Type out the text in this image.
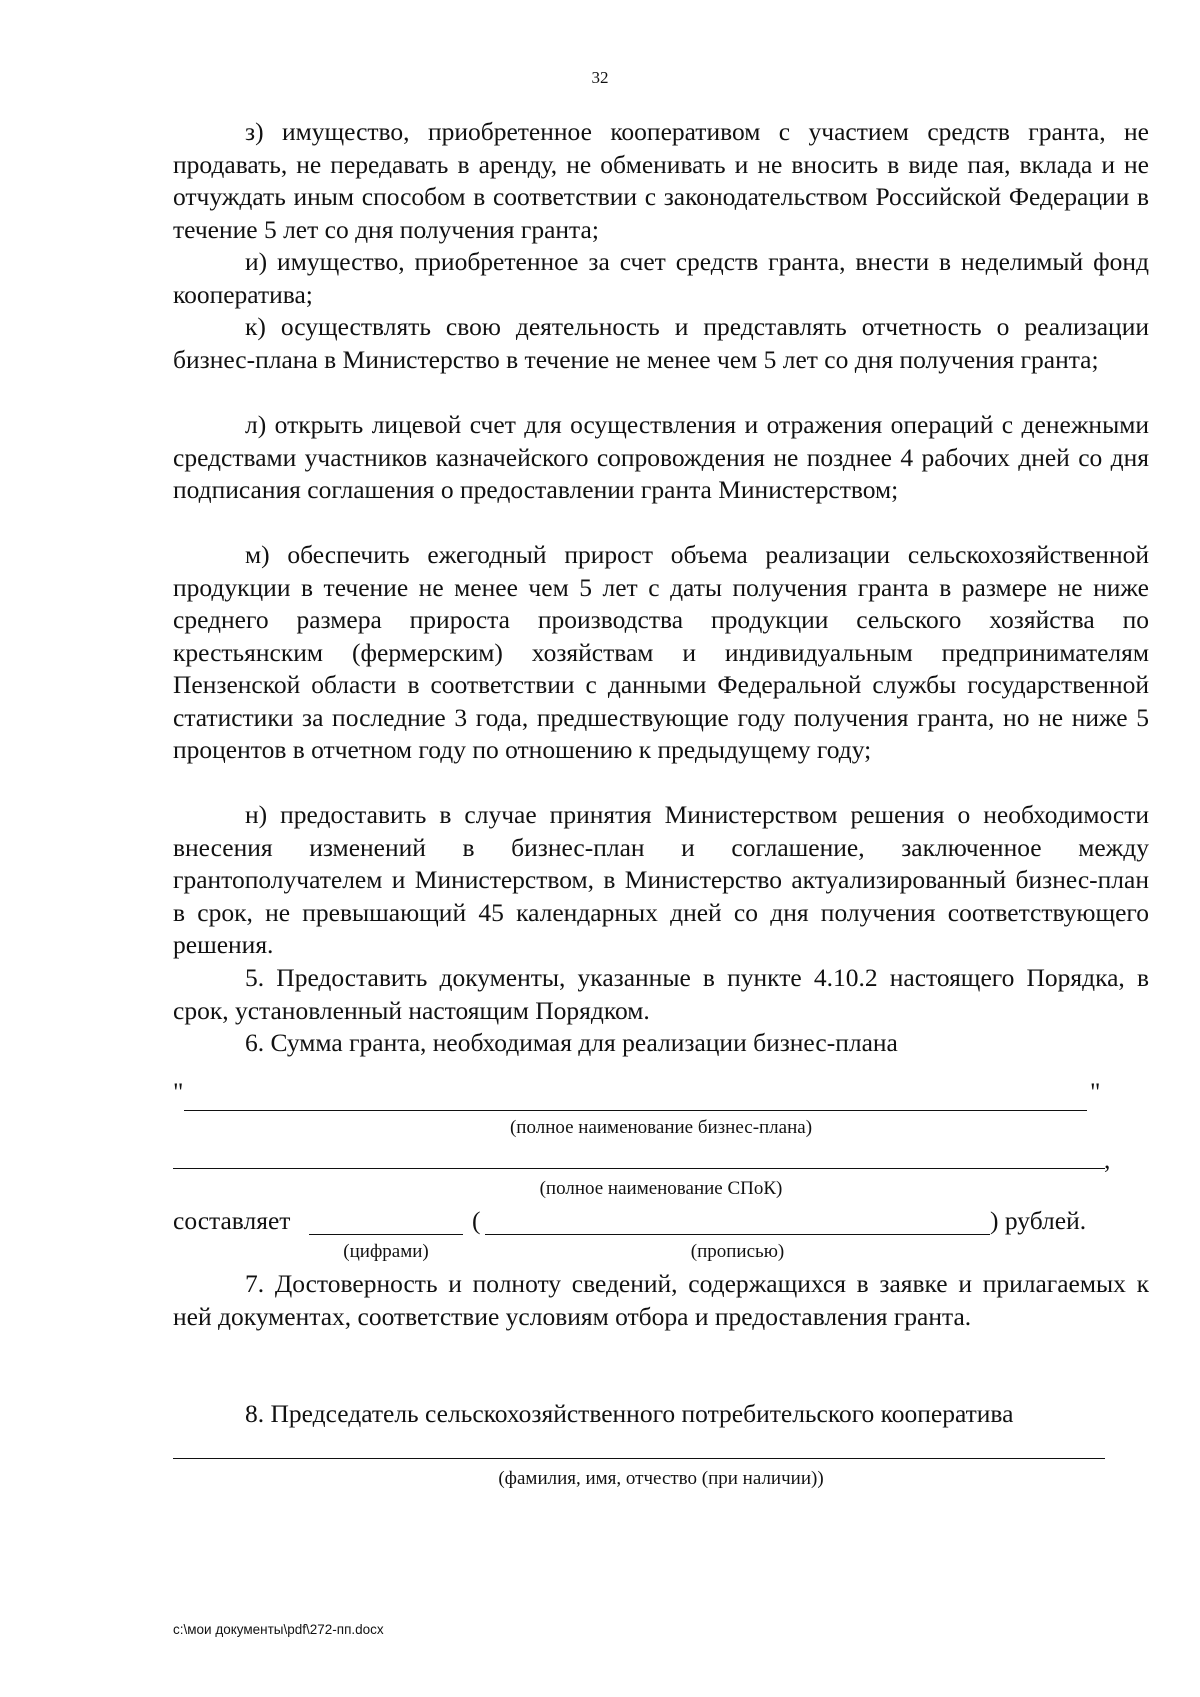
32
з) имущество, приобретенное кооперативом с участием средств гранта, не продавать, не передавать в аренду, не обменивать и не вносить в виде пая, вклада и не отчуждать иным способом в соответствии с законодательством Российской Федерации в течение 5 лет со дня получения гранта;
и) имущество, приобретенное за счет средств гранта, внести в неделимый фонд кооператива;
к) осуществлять свою деятельность и представлять отчетность о реализации бизнес-плана в Министерство в течение не менее чем 5 лет со дня получения гранта;
л) открыть лицевой счет для осуществления и отражения операций с денежными средствами участников казначейского сопровождения не позднее 4 рабочих дней со дня подписания соглашения о предоставлении гранта Министерством;
м) обеспечить ежегодный прирост объема реализации сельскохозяйственной продукции в течение не менее чем 5 лет с даты получения гранта в размере не ниже среднего размера прироста производства продукции сельского хозяйства по крестьянским (фермерским) хозяйствам и индивидуальным предпринимателям Пензенской области в соответствии с данными Федеральной службы государственной статистики за последние 3 года, предшествующие году получения гранта, но не ниже 5 процентов в отчетном году по отношению к предыдущему году;
н) предоставить в случае принятия Министерством решения о необходимости внесения изменений в бизнес-план и соглашение, заключенное между грантополучателем и Министерством, в Министерство актуализированный бизнес-план в срок, не превышающий 45 календарных дней со дня получения соответствующего решения.
5. Предоставить документы, указанные в пункте 4.10.2 настоящего Порядка, в срок, установленный настоящим Порядком.
6. Сумма гранта, необходимая для реализации бизнес-плана
"	"
(полное наименование бизнес-плана)
,
(полное наименование СПоК)
составляет	(	) рублей.
(цифрами)	(прописью)
7. Достоверность и полноту сведений, содержащихся в заявке и прилагаемых к ней документах, соответствие условиям отбора и предоставления гранта.
8. Председатель сельскохозяйственного потребительского кооператива
(фамилия, имя, отчество (при наличии))
c:\мои документы\pdf\272-пп.docx
